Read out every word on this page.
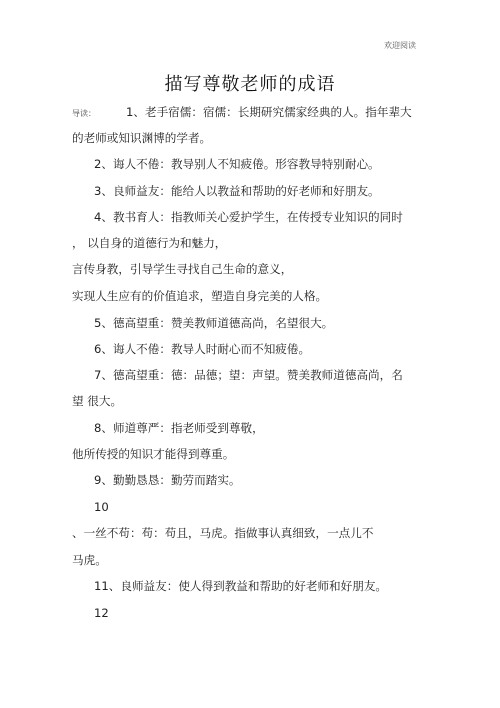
欢迎阅读
描写尊敬老师的成语
导读：	1、老手宿儒：宿儒：长期研究儒家经典的人。指年辈大
的老师或知识渊博的学者。
2、诲人不倦：教导别人不知疲倦。形容教导特别耐心。
3、良师益友：能给人以教益和帮助的好老师和好朋友。
4、教书育人：指教师关心爱护学生，在传授专业知识的同时
， 以自身的道德行为和魅力，
言传身教，引导学生寻找自己生命的意义，
实现人生应有的价值追求，塑造自身完美的人格。
5、德高望重：赞美教师道德高尚，名望很大。
6、诲人不倦：教导人时耐心而不知疲倦。
7、德高望重：德：品德；望：声望。赞美教师道德高尚，名
望 很大。
8、师道尊严：指老师受到尊敬，
他所传授的知识才能得到尊重。
9、勤勤恳恳：勤劳而踏实。
10
、一丝不苟：苟：苟且，马虎。指做事认真细致，一点儿不
马虎。
11、良师益友：使人得到教益和帮助的好老师和好朋友。
12
